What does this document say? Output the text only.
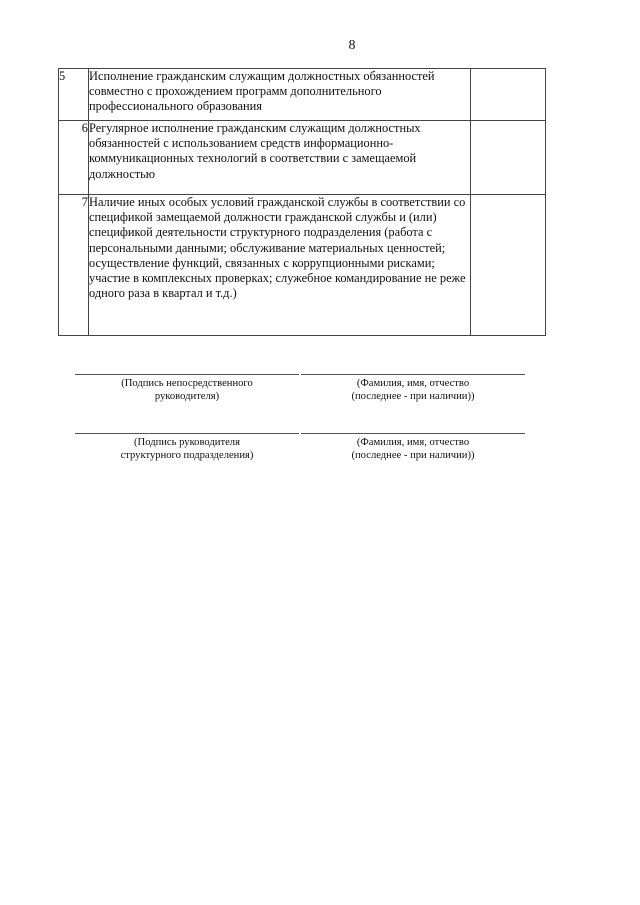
8
5	Исполнение гражданским служащим должностных обязанностей совместно с прохождением программ дополнительного профессионального образования	
6	Регулярное исполнение гражданским служащим должностных обязанностей с использованием средств информационно-коммуникационных технологий в соответствии с замещаемой должностью	
7	Наличие иных особых условий гражданской службы в соответствии со спецификой замещаемой должности гражданской службы и (или) спецификой деятельности структурного подразделения (работа с персональными данными; обслуживание материальных ценностей; осуществление функций, связанных с коррупционными рисками; участие в комплексных проверках; служебное командирование не реже одного раза в квартал и т.д.)	
(Подпись непосредственного
руководителя)
(Фамилия, имя, отчество
(последнее - при наличии))
(Подпись руководителя
структурного подразделения)
(Фамилия, имя, отчество
(последнее - при наличии))
